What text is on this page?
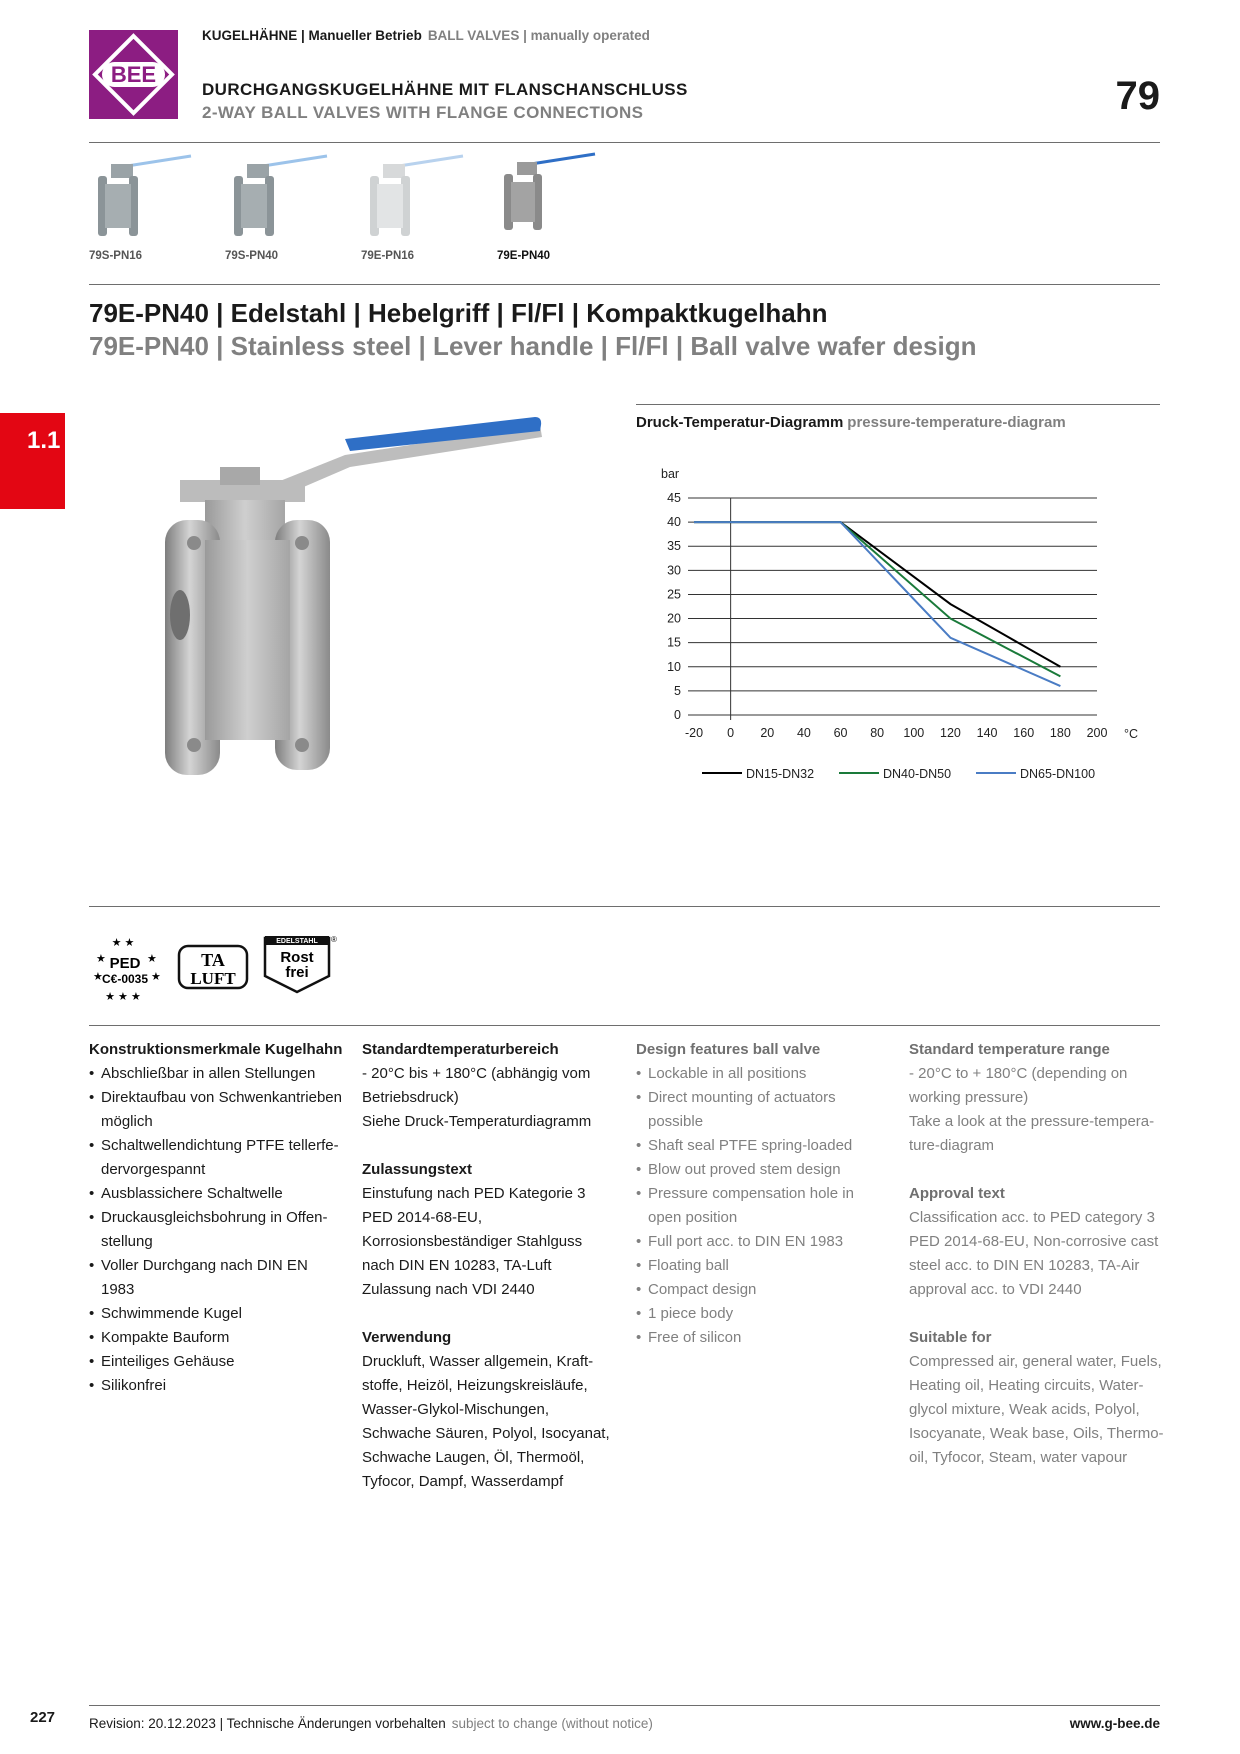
BEE
KUGELHÄHNE | Manueller Betrieb BALL VALVES | manually operated
DURCHGANGSKUGELHÄHNE MIT FLANSCHANSCHLUSS
2-WAY BALL VALVES WITH FLANGE CONNECTIONS	79
79S-PN16	79S-PN40	79E-PN16	79E-PN40
79E-PN40 | Edelstahl | Hebelgriff | Fl/Fl | Kompaktkugelhahn
79E-PN40 | Stainless steel | Lever handle | Fl/Fl | Ball valve wafer design
1.1
Druck-Temperatur-Diagramm pressure-temperature-diagram
0
5
10
15
20
25
30
35
40
45
-20 0 20 40 60 80 100 120 140 160 180 200
bar
°C
DN15-DN32	DN40-DN50	DN65-DN100
★ ★
★	★
★	★
★ ★ ★
PED
C€-0035
TA
LUFT
EDELSTAHL
Rost
frei
®
Konstruktionsmerkmale Kugelhahn
• Abschließbar in allen Stellungen
• Direktaufbau von Schwenkantrieben möglich
• Schaltwellendichtung PTFE tellerfe-dervorgespannt
• Ausblassichere Schaltwelle
• Druckausgleichsbohrung in Offen-stellung
• Voller Durchgang nach DIN EN 1983
• Schwimmende Kugel
• Kompakte Bauform
• Einteiliges Gehäuse
• Silikonfrei
Standardtemperaturbereich

- 20°C bis + 180°C (abhängig vom Betriebsdruck)

Siehe Druck-Temperaturdiagramm

Zulassungstext

Einstufung nach PED Kategorie 3 PED 2014-68-EU, Korrosionsbeständiger Stahlguss nach DIN EN 10283, TA-Luft Zulassung nach VDI 2440

Verwendung

Druckluft, Wasser allgemein, Kraft-stoffe, Heizöl, Heizungskreisläufe, Wasser-Glykol-Mischungen, Schwache Säuren, Polyol, Isocyanat, Schwache Laugen, Öl, Thermoöl, Tyfocor, Dampf, Wasserdampf

Design features ball valve
• Lockable in all positions
• Direct mounting of actuators possible
• Shaft seal PTFE spring-loaded
• Blow out proved stem design
• Pressure compensation hole in open position
• Full port acc. to DIN EN 1983
• Floating ball
• Compact design
• 1 piece body
• Free of silicon
Standard temperature range

- 20°C to + 180°C (depending on working pressure)

Take a look at the pressure-tempera-ture-diagram

Approval text

Classification acc. to PED category 3 PED 2014-68-EU, Non-corrosive cast steel acc. to DIN EN 10283, TA-Air approval acc. to VDI 2440

Suitable for

Compressed air, general water, Fuels, Heating oil, Heating circuits, Water-glycol mixture, Weak acids, Polyol, Isocyanate, Weak base, Oils, Thermo-oil, Tyfocor, Steam, water vapour

227	Revision: 20.12.2023 | Technische Änderungen vorbehalten subject to change (without notice)	www.g-bee.de
